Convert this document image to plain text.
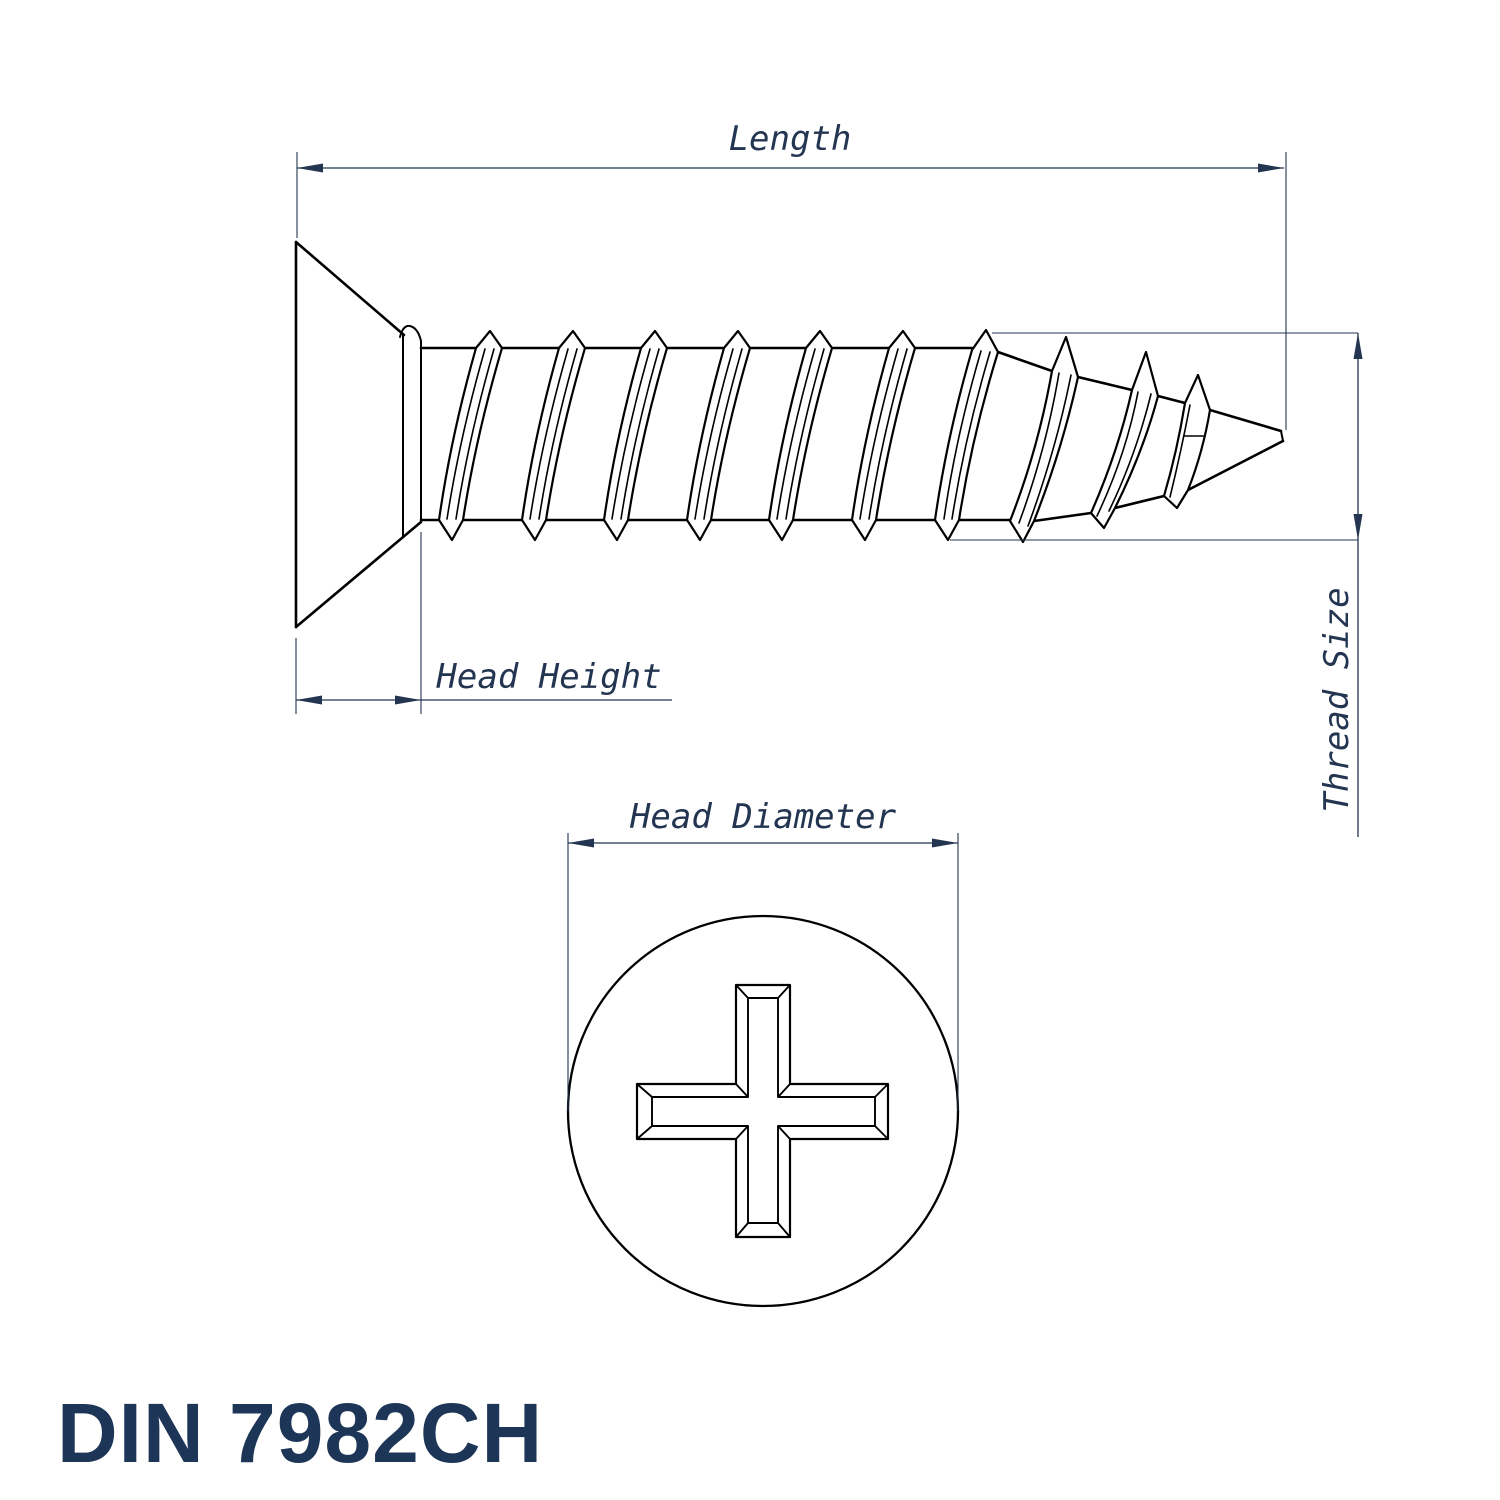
Length
Head Height
Head Diameter
Thread Size
DIN 7982CH
